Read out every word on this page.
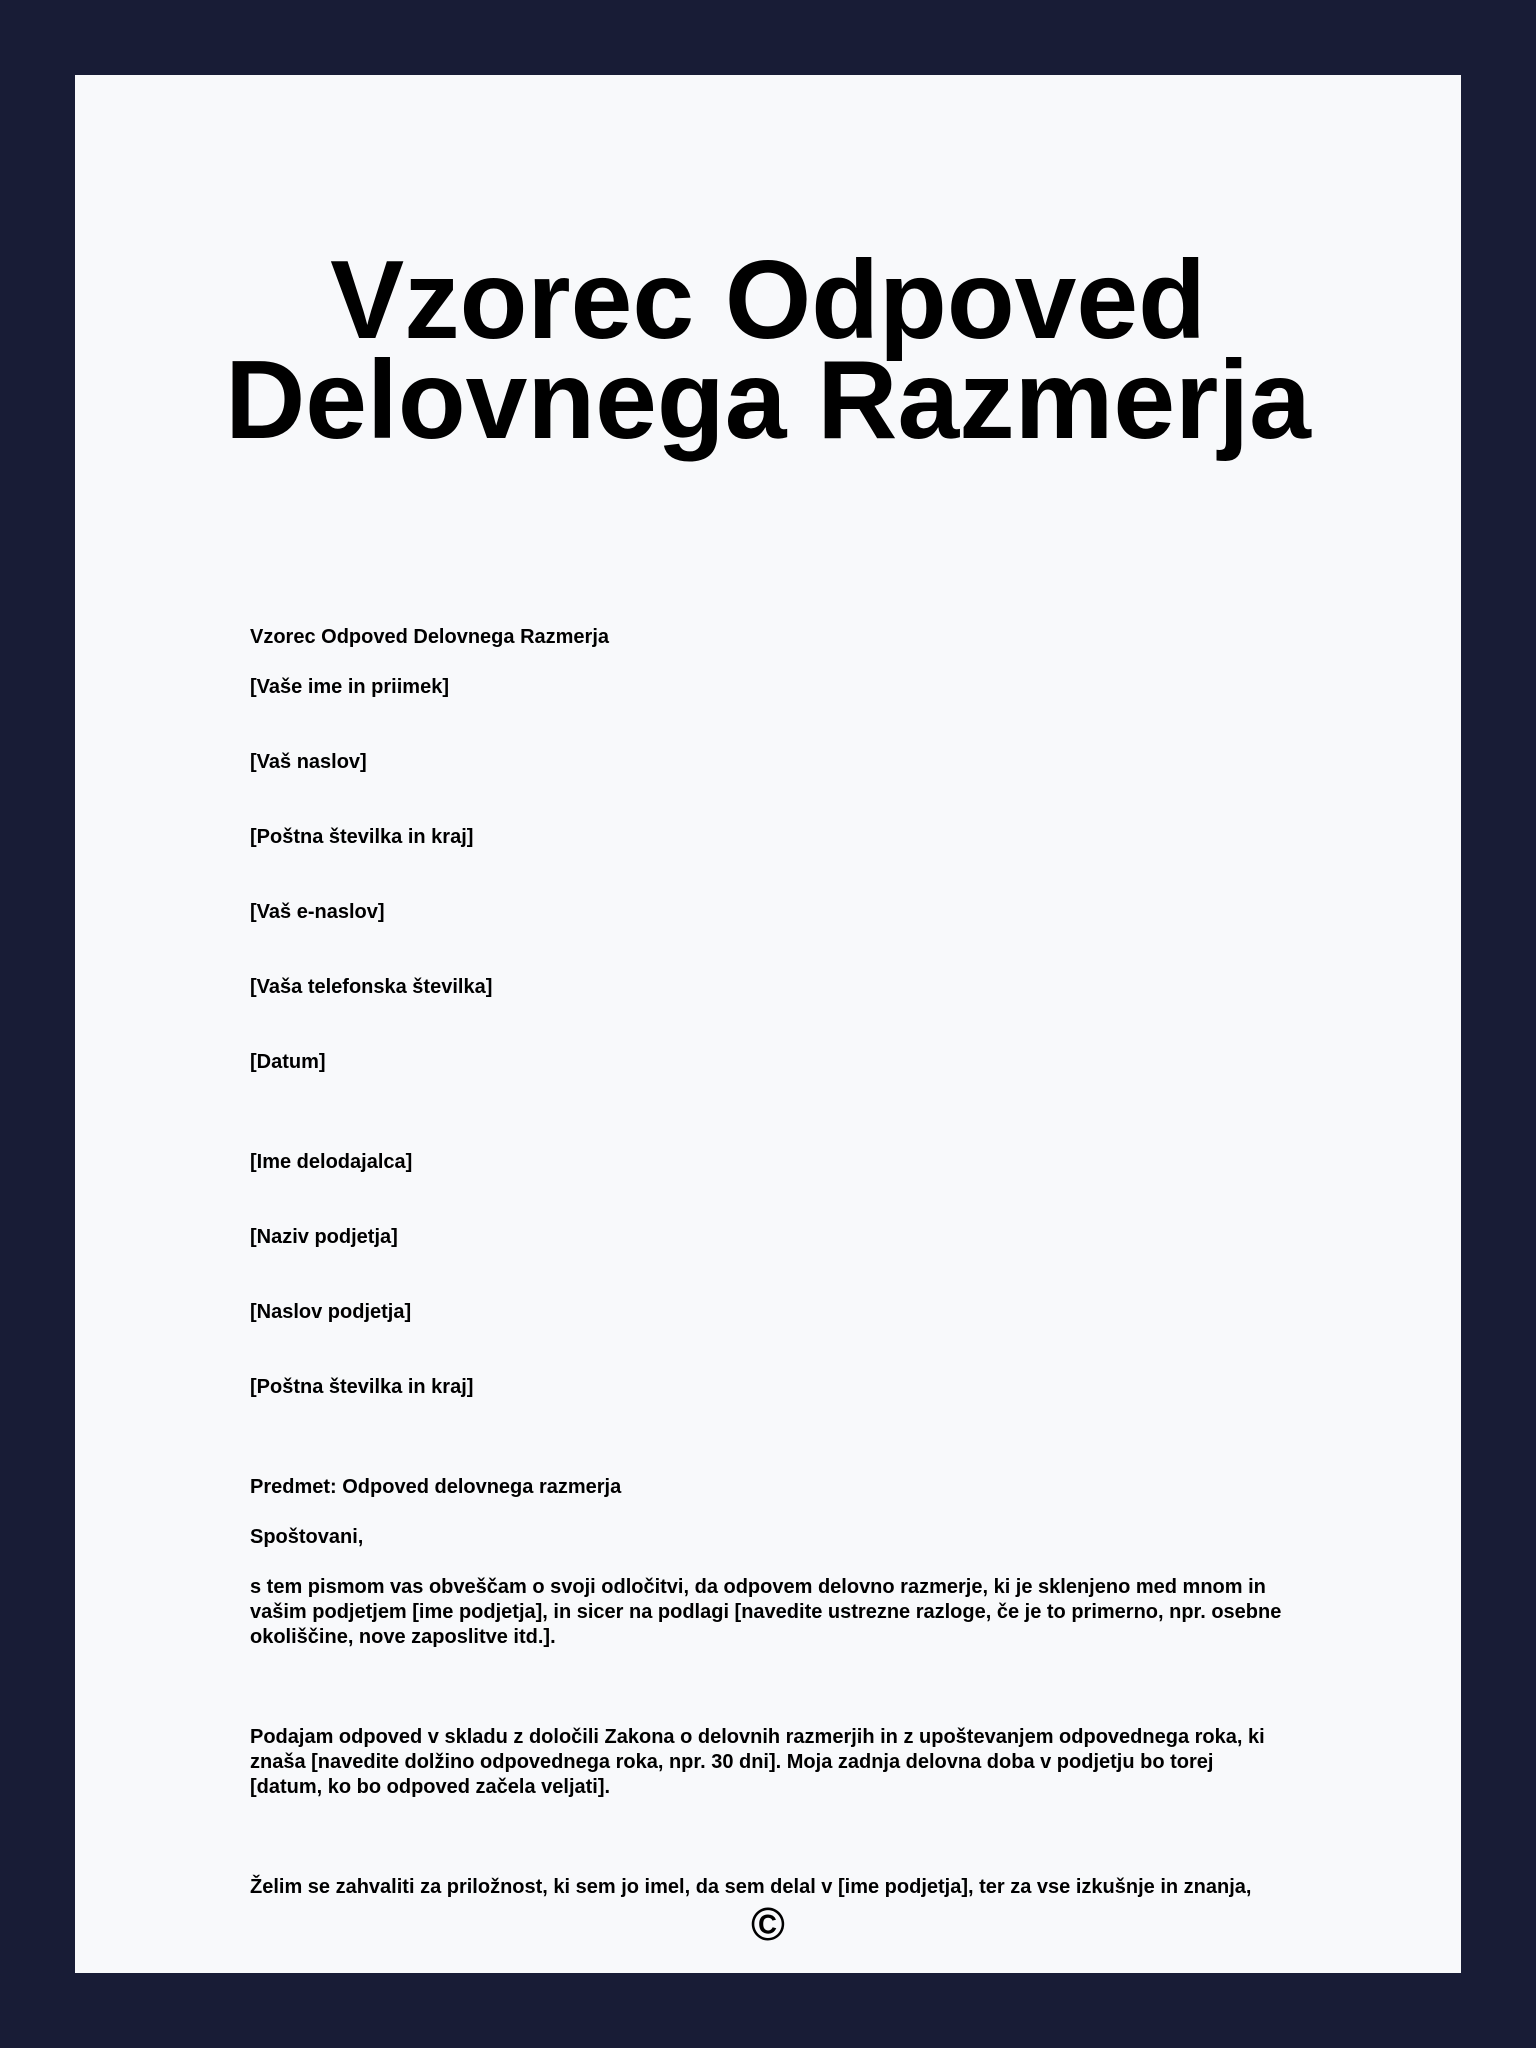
Vzorec Odpoved Delovnega Razmerja

Vzorec Odpoved Delovnega Razmerja

[Vaše ime in priimek]

[Vaš naslov]

[Poštna številka in kraj]

[Vaš e-naslov]

[Vaša telefonska številka]

[Datum]

[Ime delodajalca]

[Naziv podjetja]

[Naslov podjetja]

[Poštna številka in kraj]

Predmet: Odpoved delovnega razmerja

Spoštovani,

s tem pismom vas obveščam o svoji odločitvi, da odpovem delovno razmerje, ki je sklenjeno med mnom in vašim podjetjem [ime podjetja], in sicer na podlagi [navedite ustrezne razloge, če je to primerno, npr. osebne okoliščine, nove zaposlitve itd.].

Podajam odpoved v skladu z določili Zakona o delovnih razmerjih in z upoštevanjem odpovednega roka, ki znaša [navedite dolžino odpovednega roka, npr. 30 dni]. Moja zadnja delovna doba v podjetju bo torej [datum, ko bo odpoved začela veljati].

Želim se zahvaliti za priložnost, ki sem jo imel, da sem delal v [ime podjetja], ter za vse izkušnje in znanja,

©
